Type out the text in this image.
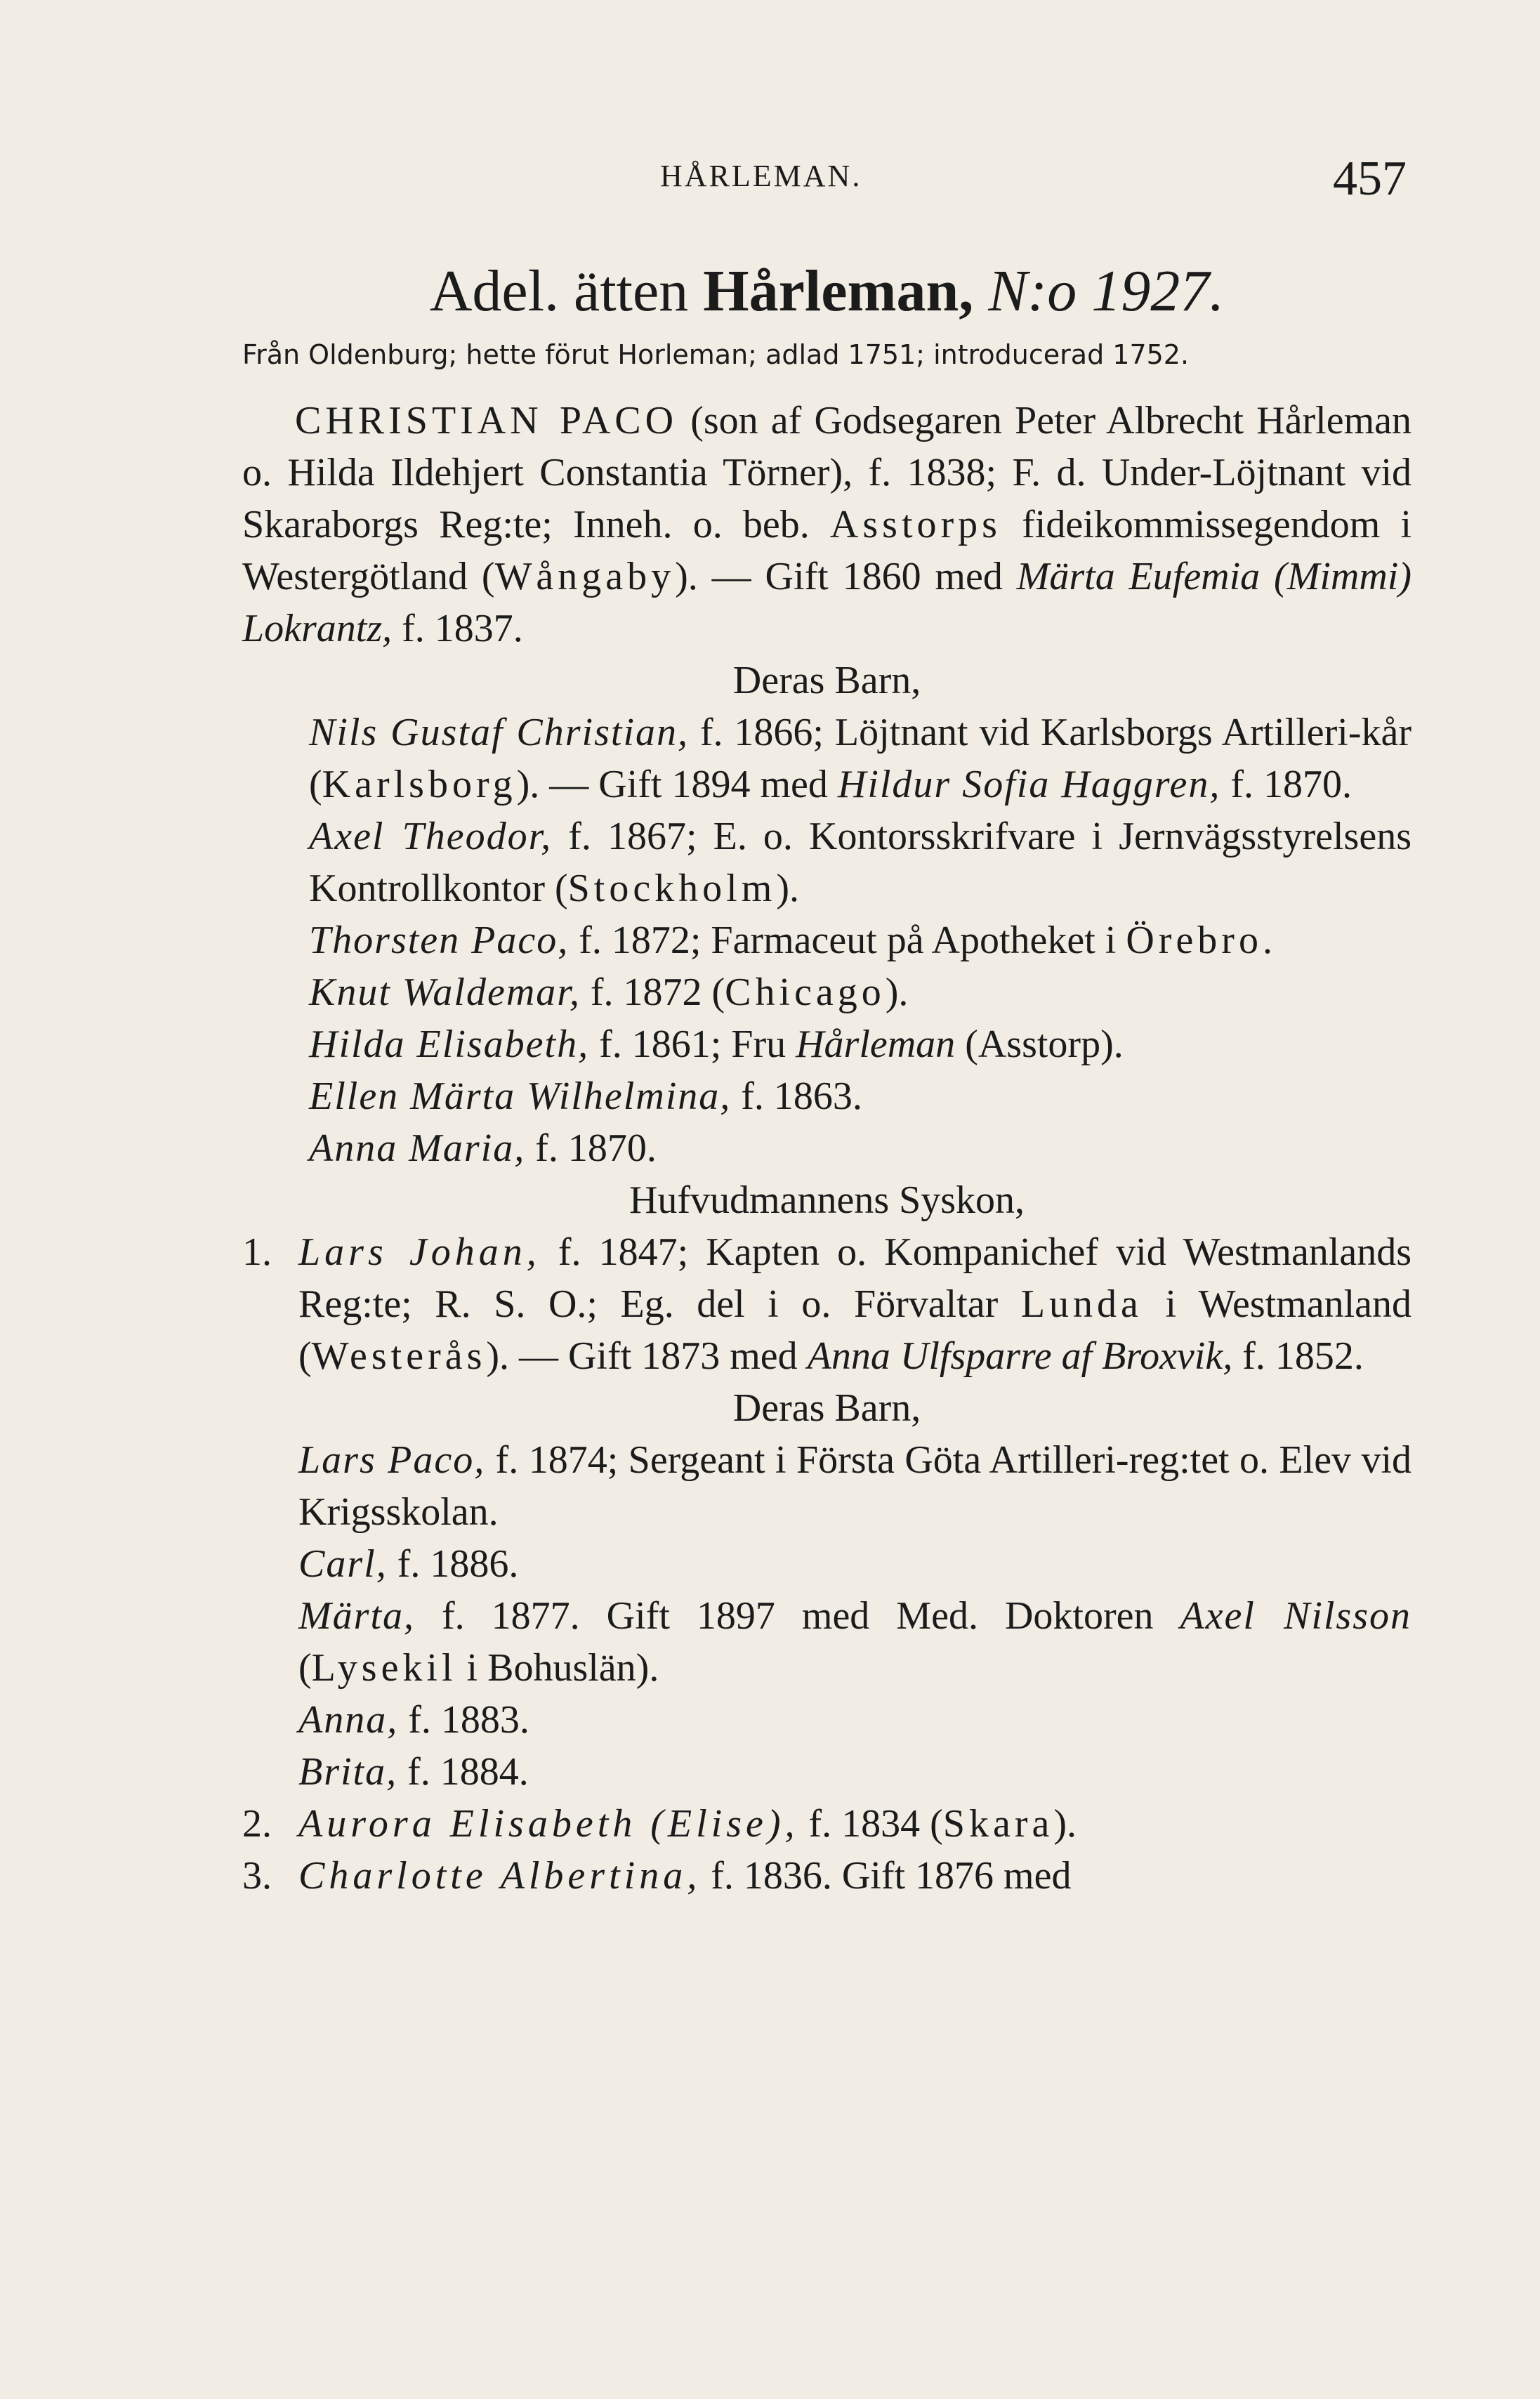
HÅRLEMAN.	457
Adel. ätten Hårleman, N:o 1927.
Från Oldenburg; hette förut Horleman; adlad 1751; introducerad 1752.
CHRISTIAN PACO (son af Godsegaren Peter Albrecht Hårleman o. Hilda Ildehjert Constantia Törner), f. 1838; F. d. Under-Löjtnant vid Skaraborgs Reg:te; Inneh. o. beb. Asstorps fideikommissegendom i Westergötland (Wångaby). — Gift 1860 med Märta Eufemia (Mimmi) Lokrantz, f. 1837.
Deras Barn,
Nils Gustaf Christian, f. 1866; Löjtnant vid Karlsborgs Artilleri-kår (Karlsborg). — Gift 1894 med Hildur Sofia Haggren, f. 1870.
Axel Theodor, f. 1867; E. o. Kontorsskrifvare i Jernvägsstyrelsens Kontrollkontor (Stockholm).
Thorsten Paco, f. 1872; Farmaceut på Apotheket i Örebro.
Knut Waldemar, f. 1872 (Chicago).
Hilda Elisabeth, f. 1861; Fru Hårleman (Asstorp).
Ellen Märta Wilhelmina, f. 1863.
Anna Maria, f. 1870.
Hufvudmannens Syskon,
1. Lars Johan, f. 1847; Kapten o. Kompanichef vid Westmanlands Reg:te; R. S. O.; Eg. del i o. Förvaltar Lunda i Westmanland (Westerås). — Gift 1873 med Anna Ulfsparre af Broxvik, f. 1852.
Deras Barn,
Lars Paco, f. 1874; Sergeant i Första Göta Artilleri-reg:tet o. Elev vid Krigsskolan.
Carl, f. 1886.
Märta, f. 1877. Gift 1897 med Med. Doktoren Axel Nilsson (Lysekil i Bohuslän).
Anna, f. 1883.
Brita, f. 1884.
2. Aurora Elisabeth (Elise), f. 1834 (Skara).
3. Charlotte Albertina, f. 1836. Gift 1876 med
